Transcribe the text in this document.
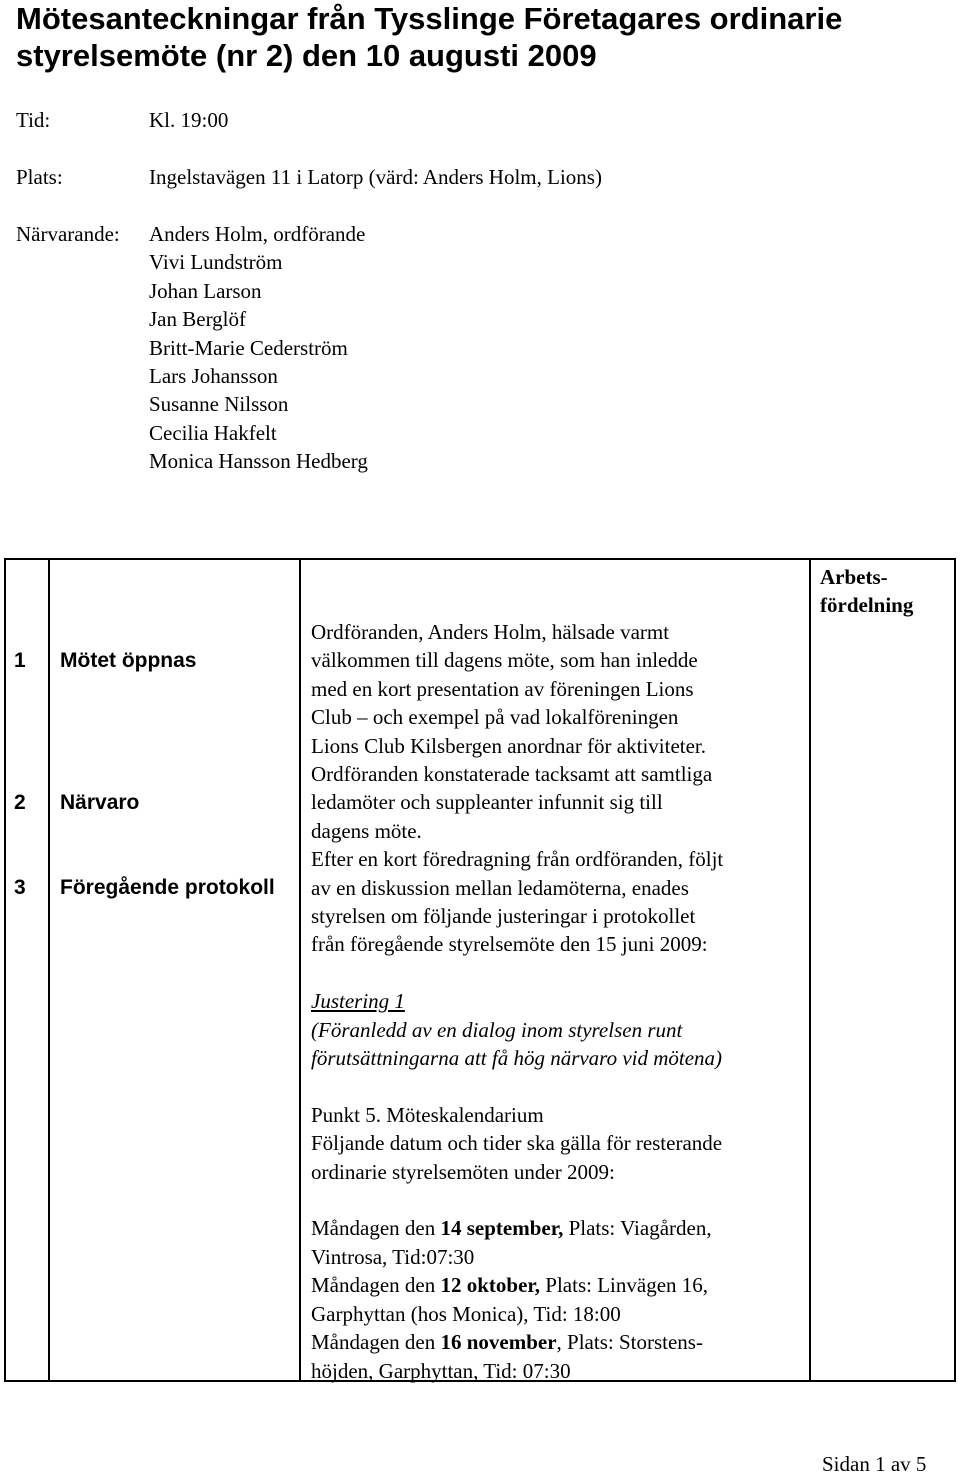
Mötesanteckningar från Tysslinge Företagares ordinarie styrelsemöte (nr 2) den 10 augusti 2009
Tid:	Kl. 19:00
Plats:	Ingelstavägen 11 i Latorp (värd: Anders Holm, Lions)
Närvarande: Anders Holm, ordförande
Vivi Lundström
Johan Larson
Jan Berglöf
Britt-Marie Cederström
Lars Johansson
Susanne Nilsson
Cecilia Hakfelt
Monica Hansson Hedberg
1 Mötet öppnas
2 Närvaro
3 Föregående protokoll

Ordföranden, Anders Holm, hälsade varmt

välkommen till dagens möte, som han inledde

med en kort presentation av föreningen Lions

Club – och exempel på vad lokalföreningen

Lions Club Kilsbergen anordnar för aktiviteter.

Ordföranden konstaterade tacksamt att samtliga

ledamöter och suppleanter infunnit sig till

dagens möte.

Efter en kort föredragning från ordföranden, följt

av en diskussion mellan ledamöterna, enades

styrelsen om följande justeringar i protokollet

från föregående styrelsemöte den 15 juni 2009:

Justering 1

(Föranledd av en dialog inom styrelsen runt

förutsättningarna att få hög närvaro vid mötena)

Punkt 5. Möteskalendarium

Följande datum och tider ska gälla för resterande

ordinarie styrelsemöten under 2009:

Måndagen den 14 september, Plats: Viagården,

Vintrosa, Tid:07:30

Måndagen den 12 oktober, Plats: Linvägen 16,

Garphyttan (hos Monica), Tid: 18:00

Måndagen den 16 november, Plats: Storstens-

höjden, Garphyttan, Tid: 07:30

Arbets-
fördelning
Sidan 1 av 5
